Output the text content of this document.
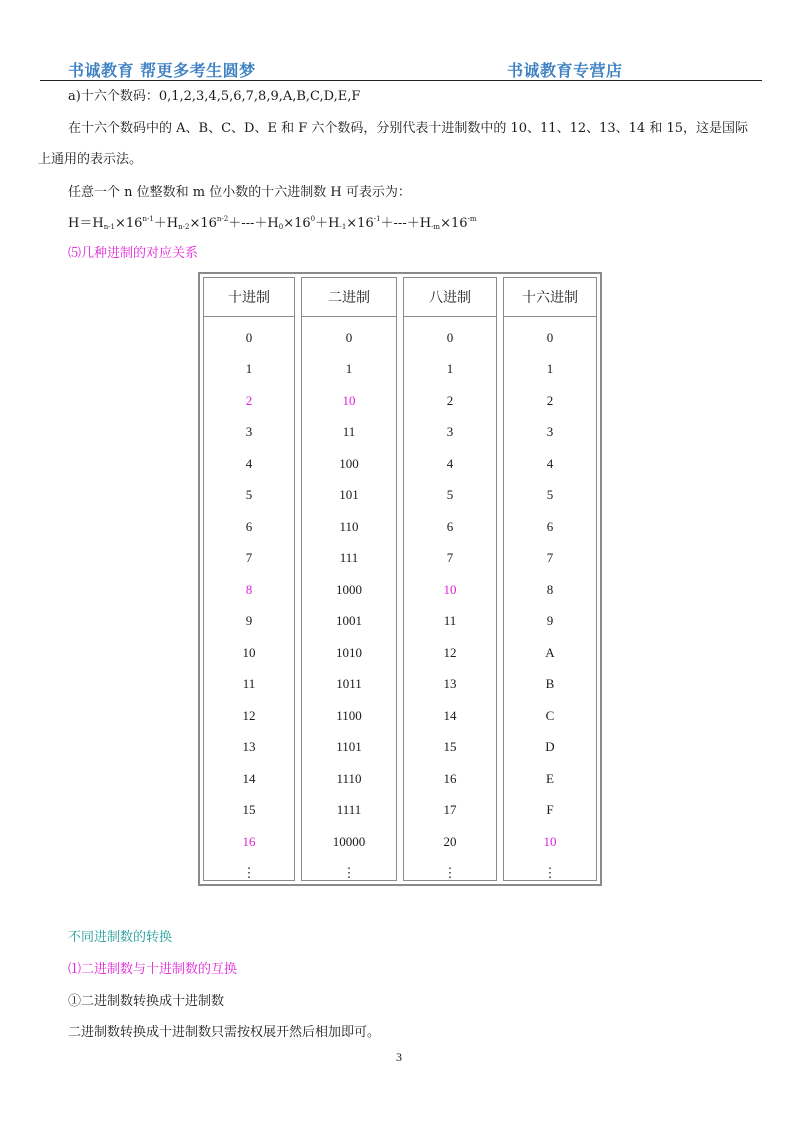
书诚教育 帮更多考生圆梦	书诚教育专营店
a)十六个数码：0,1,2,3,4,5,6,7,8,9,A,B,C,D,E,F
在十六个数码中的 A、B、C、D、E 和 F 六个数码，分别代表十进制数中的 10、11、12、13、14 和 15，这是国际
上通用的表示法。
任意一个 n 位整数和 m 位小数的十六进制数 H 可表示为：
$H=H_{n-1}\times 16^{n-1}+H_{n-2}\times 16^{n-2}+---+H_0\times 16^0+H_{-1}\times 16^{-1}+---+H_{-m}\times 16^{-m}$
⑸几种进制的对应关系
十进制
0
1
2
3
4
5
6
7
8
9
10
11
12
13
14
15
16
⋮
二进制
0
1
10
11
100
101
110
111
1000
1001
1010
1011
1100
1101
1110
1111
10000
⋮
八进制
0
1
2
3
4
5
6
7
10
11
12
13
14
15
16
17
20
⋮
十六进制
0
1
2
3
4
5
6
7
8
9
A
B
C
D
E
F
10
⋮
不同进制数的转换
⑴二进制数与十进制数的互换
①二进制数转换成十进制数
二进制数转换成十进制数只需按权展开然后相加即可。
3
